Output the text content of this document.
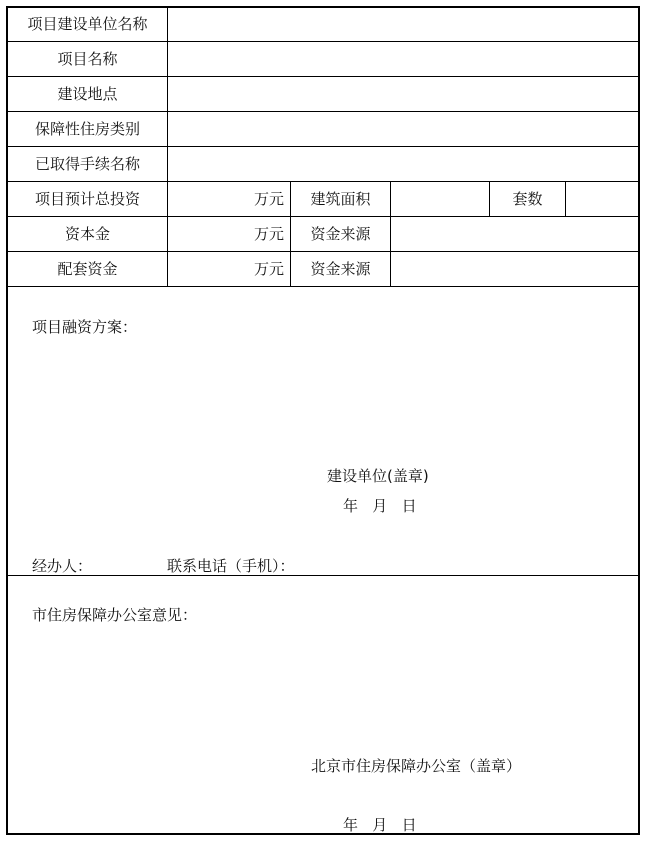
项目建设单位名称
项目名称
建设地点
保障性住房类别
已取得手续名称
项目预计总投资
资本金
配套资金
万元
万元
万元
建筑面积
资金来源
资金来源
套数
项目融资方案：
建设单位(盖章)
年   月   日
经办人：	联系电话（手机）：
市住房保障办公室意见：
北京市住房保障办公室（盖章）
年   月   日
